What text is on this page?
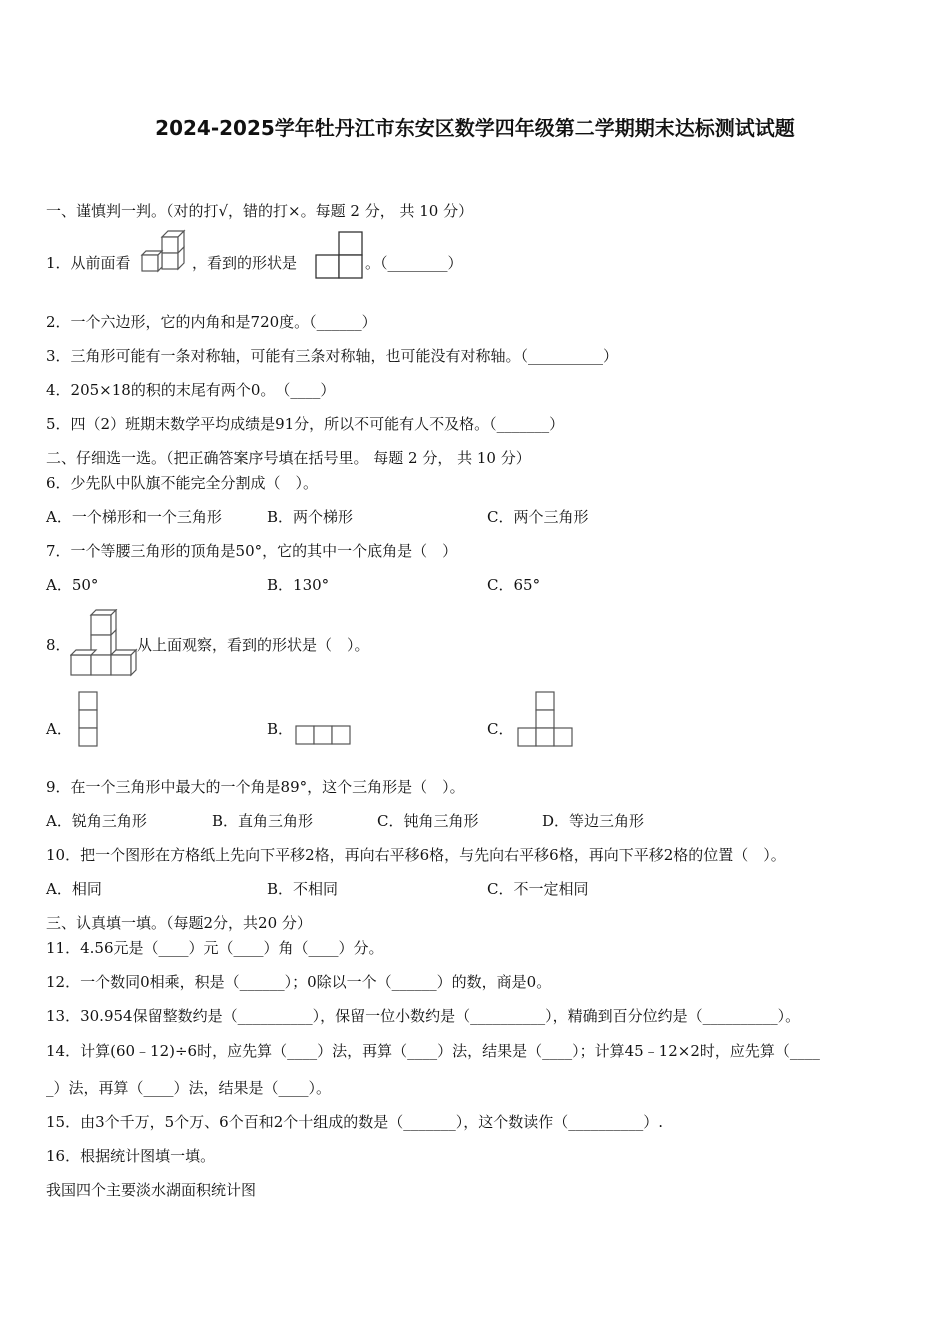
2024-2025学年牡丹江市东安区数学四年级第二学期期末达标测试试题
一、谨慎判一判。（对的打√，错的打×。每题 2 分， 共 10 分）
1．从前面看	，看到的形状是	。（________）
2．一个六边形，它的内角和是720度。（______）
3．三角形可能有一条对称轴，可能有三条对称轴，也可能没有对称轴。（__________）
4．205×18的积的末尾有两个0。　（____）
5．四（2）班期末数学平均成绩是91分，所以不可能有人不及格。（_______）
二、仔细选一选。（把正确答案序号填在括号里。 每题 2 分， 共 10 分）
6．少先队中队旗不能完全分割成（　）。
A．一个梯形和一个三角形	B．两个梯形	C．两个三角形
7．一个等腰三角形的顶角是50°，它的其中一个底角是（　）
A．50°	B．130°	C．65°
8．	从上面观察，看到的形状是（　）。
A．	B．	C．
9．在一个三角形中最大的一个角是89°，这个三角形是（　）。
A．锐角三角形	B．直角三角形	C．钝角三角形	D．等边三角形
10．把一个图形在方格纸上先向下平移2格，再向右平移6格，与先向右平移6格，再向下平移2格的位置（　）。
A．相同	B．不相同	C．不一定相同
三、认真填一填。（每题2分，共20 分）
11．4.56元是（____）元（____）角（____）分。
12．一个数同0相乘，积是（______）；0除以一个（______）的数，商是0。
13．30.954保留整数约是（__________），保留一位小数约是（__________），精确到百分位约是（__________）。
14．计算(60﹣12)÷6时，应先算（____）法，再算（____）法，结果是（____）；计算45﹣12×2时，应先算（____
_）法，再算（____）法，结果是（____）。
15．由3个千万，5个万、6个百和2个十组成的数是（_______），这个数读作（__________）.
16．根据统计图填一填。
我国四个主要淡水湖面积统计图
